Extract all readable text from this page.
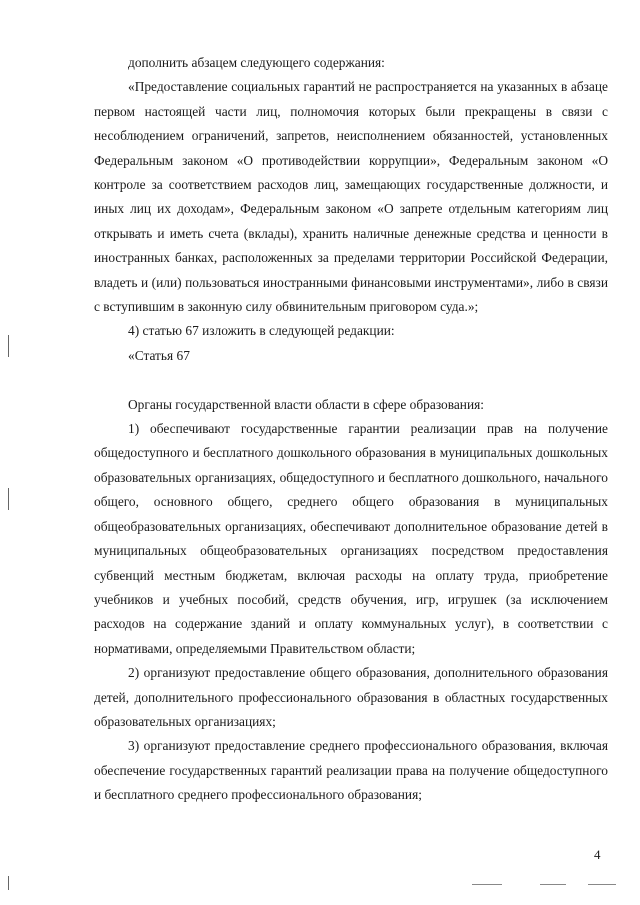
дополнить абзацем следующего содержания:

«Предоставление социальных гарантий не распространяется на указанных в абзаце первом настоящей части лиц, полномочия которых были прекращены в связи с несоблюдением ограничений, запретов, неисполнением обязанностей, установленных Федеральным законом «О противодействии коррупции», Федеральным законом «О контроле за соответствием расходов лиц, замещающих государственные должности, и иных лиц их доходам», Федеральным законом «О запрете отдельным категориям лиц открывать и иметь счета (вклады), хранить наличные денежные средства и ценности в иностранных банках, расположенных за пределами территории Российской Федерации, владеть и (или) пользоваться иностранными финансовыми инструментами», либо в связи с вступившим в законную силу обвинительным приговором суда.»;

4) статью 67 изложить в следующей редакции:

«Статья 67

Органы государственной власти области в сфере образования:

1) обеспечивают государственные гарантии реализации прав на получение общедоступного и бесплатного дошкольного образования в муниципальных дошкольных образовательных организациях, общедоступного и бесплатного дошкольного, начального общего, основного общего, среднего общего образования в муниципальных общеобразовательных организациях, обеспечивают дополнительное образование детей в муниципальных общеобразовательных организациях посредством предоставления субвенций местным бюджетам, включая расходы на оплату труда, приобретение учебников и учебных пособий, средств обучения, игр, игрушек (за исключением расходов на содержание зданий и оплату коммунальных услуг), в соответствии с нормативами, определяемыми Правительством области;

2) организуют предоставление общего образования, дополнительного образования детей, дополнительного профессионального образования в областных государственных образовательных организациях;

3) организуют предоставление среднего профессионального образования, включая обеспечение государственных гарантий реализации права на получение общедоступного и бесплатного среднего профессионального образования;

4
